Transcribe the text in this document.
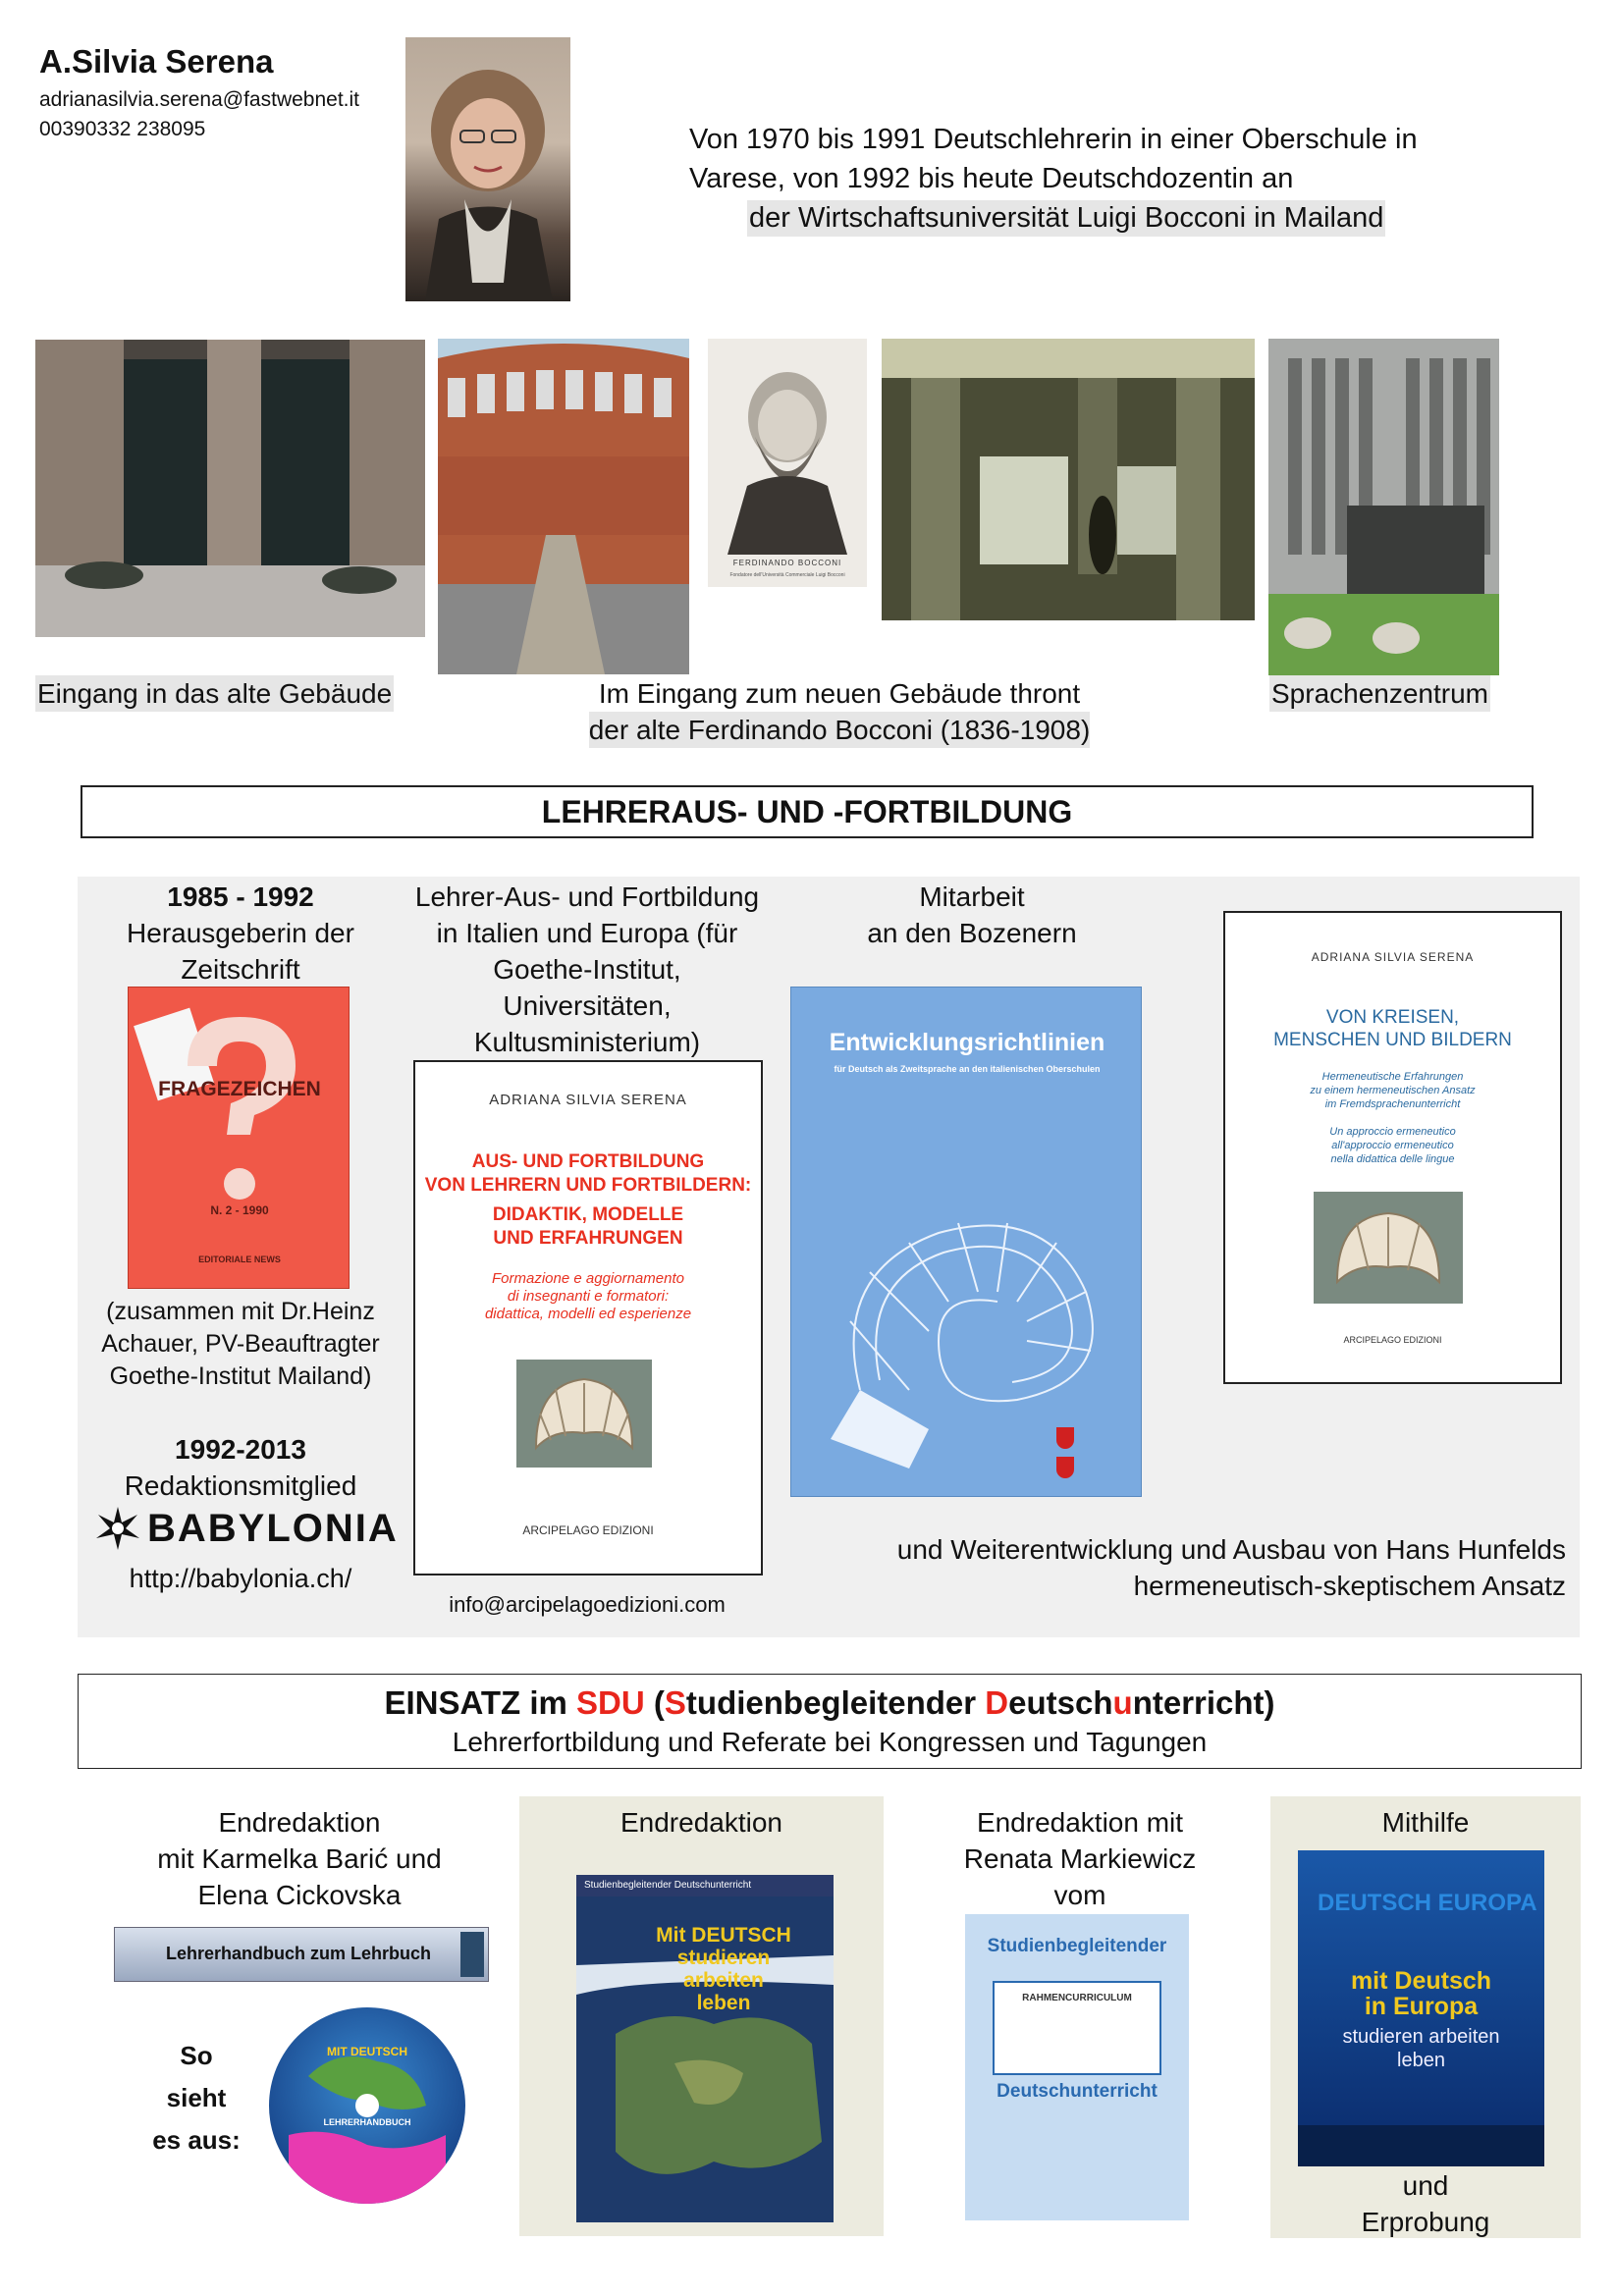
A.Silvia Serena
adrianasilvia.serena@fastwebnet.it
00390332 238095	Von 1970 bis 1991 Deutschlehrerin in einer Oberschule in
Varese, von 1992 bis heute Deutschdozentin an
der Wirtschaftsuniversität Luigi Bocconi in Mailand
FERDINANDO BOCCONI
Fondatore dell'Università Commerciale Luigi Bocconi
Eingang in das alte Gebäude	Im Eingang zum neuen Gebäude thront
der alte Ferdinando Bocconi (1836-1908)
Sprachenzentrum
LEHRERAUS- UND -FORTBILDUNG
1985 - 1992
Herausgeberin der
Zeitschrift
FRAGEZEICHEN
N. 2 - 1990
EDITORIALE NEWS
(zusammen mit Dr.Heinz
Achauer, PV-Beauftragter
Goethe-Institut Mailand)
1992-2013
Redaktionsmitglied
BABYLONIA
http://babylonia.ch/
Lehrer-Aus- und Fortbildung
in Italien und Europa (für
Goethe-Institut,
Universitäten,
Kultusministerium)
ADRIANA SILVIA SERENA
AUS- UND FORTBILDUNG
VON LEHRERN UND FORTBILDERN:
DIDAKTIK, MODELLE
UND ERFAHRUNGEN
Formazione e aggiornamento
di insegnanti e formatori:
didattica, modelli ed esperienze
ARCIPELAGO EDIZIONI
info@arcipelagoedizioni.com
Mitarbeit
an den Bozenern
Entwicklungsrichtlinien
für Deutsch als Zweitsprache an den italienischen Oberschulen
ADRIANA SILVIA SERENA
VON KREISEN,
MENSCHEN UND BILDERN
Hermeneutische Erfahrungen
zu einem hermeneutischen Ansatz
im Fremdsprachenunterricht
Un approccio ermeneutico
all'approccio ermeneutico
nella didattica delle lingue
ARCIPELAGO EDIZIONI
und Weiterentwicklung und Ausbau von Hans Hunfelds
hermeneutisch-skeptischem Ansatz
EINSATZ im SDU (Studienbegleitender Deutschunterricht)
Lehrerfortbildung und Referate bei Kongressen und Tagungen
Endredaktion
mit Karmelka Barić und
Elena Cickovska
Lehrerhandbuch zum Lehrbuch
So
sieht
es aus:
MIT DEUTSCH
LEHRERHANDBUCH
Endredaktion
Studienbegleitender Deutschunterricht
Mit DEUTSCH
studieren
arbeiten
leben
Endredaktion mit
Renata Markiewicz
vom
Studienbegleitender
Deutschunterricht
RAHMENCURRICULUM
Mithilfe
DEUTSCH EUROPA
mit Deutsch
in Europa
studieren arbeiten
leben
und
Erprobung
